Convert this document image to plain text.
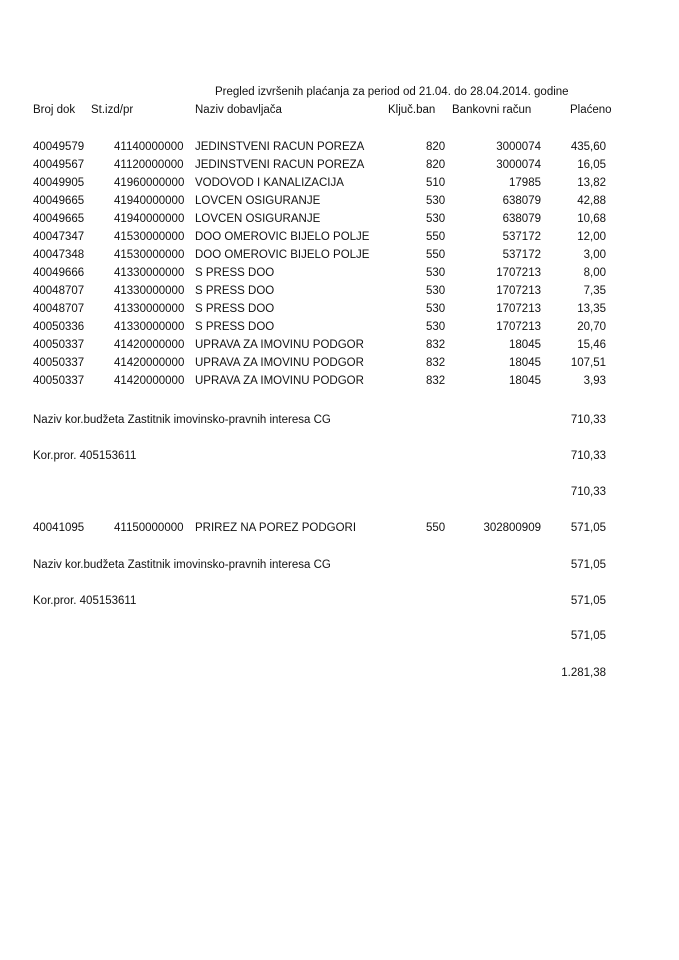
Pregled izvršenih plaćanja za period od 21.04. do 28.04.2014. godine
Broj dok St.izd/pr	Naziv dobavljača	Ključ.ban Bankovni račun	Plaćeno
40049579	41140000000 JEDINSTVENI RACUN POREZA	820	3000074	435,60
40049567	41120000000 JEDINSTVENI RACUN POREZA	820	3000074	16,05
40049905	41960000000 VODOVOD I KANALIZACIJA	510	17985	13,82
40049665	41940000000 LOVCEN OSIGURANJE	530	638079	42,88
40049665	41940000000 LOVCEN OSIGURANJE	530	638079	10,68
40047347	41530000000 DOO OMEROVIC BIJELO POLJE	550	537172	12,00
40047348	41530000000 DOO OMEROVIC BIJELO POLJE	550	537172	3,00
40049666	41330000000 S PRESS DOO	530	1707213	8,00
40048707	41330000000 S PRESS DOO	530	1707213	7,35
40048707	41330000000 S PRESS DOO	530	1707213	13,35
40050336	41330000000 S PRESS DOO	530	1707213	20,70
40050337	41420000000 UPRAVA ZA IMOVINU PODGOR	832	18045	15,46
40050337	41420000000 UPRAVA ZA IMOVINU PODGOR	832	18045	107,51
40050337	41420000000 UPRAVA ZA IMOVINU PODGOR	832	18045	3,93
Naziv kor.budžeta Zastitnik imovinsko-pravnih interesa CG	710,33
Kor.pror. 405153611	710,33
710,33
40041095	41150000000 PRIREZ NA POREZ PODGORI	550	302800909	571,05
Naziv kor.budžeta Zastitnik imovinsko-pravnih interesa CG	571,05
Kor.pror. 405153611	571,05
571,05
1.281,38
